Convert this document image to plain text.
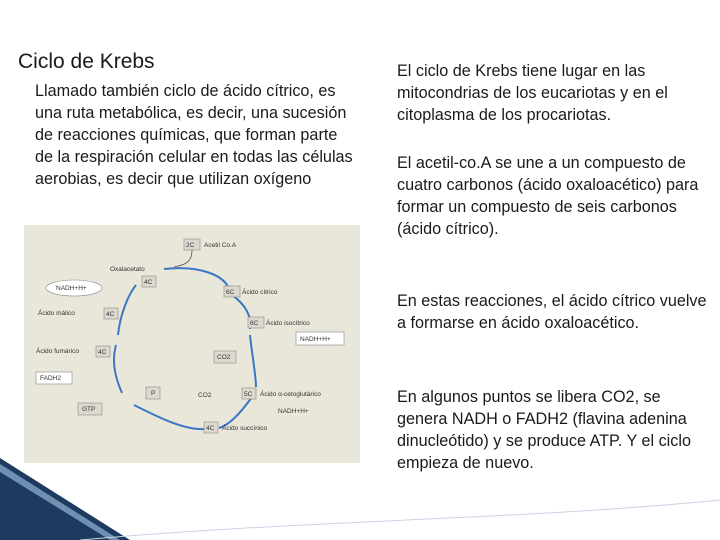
Ciclo de Krebs
Llamado también ciclo de ácido cítrico, es una ruta metabólica, es decir, una sucesión de reacciones químicas, que forman parte de la respiración celular en todas las células aerobias, es decir que utilizan oxígeno
2C Acetil Co.A
Oxalacetato
4C
NADH+H+
6C Ácido cítrico
6C Ácido isocítrico
NADH+H+
CO2
Ácido málico	4C
Ácido fumárico	4C
FADH2
P	CO2	5C Ácido α-cetoglutárico
NADH+H+
GTP
4C Ácido succínico
El ciclo de Krebs tiene lugar en las mitocondrias de los eucariotas y en el citoplasma de los procariotas.
El acetil-co.A se une a un compuesto de cuatro carbonos (ácido oxaloacético) para formar un compuesto de seis carbonos (ácido cítrico).
En estas reacciones, el ácido cítrico vuelve a formarse en ácido oxaloacético.
En algunos puntos se libera CO2, se genera NADH o FADH2 (flavina adenina dinucleótido) y se produce ATP. Y el ciclo empieza de nuevo.
